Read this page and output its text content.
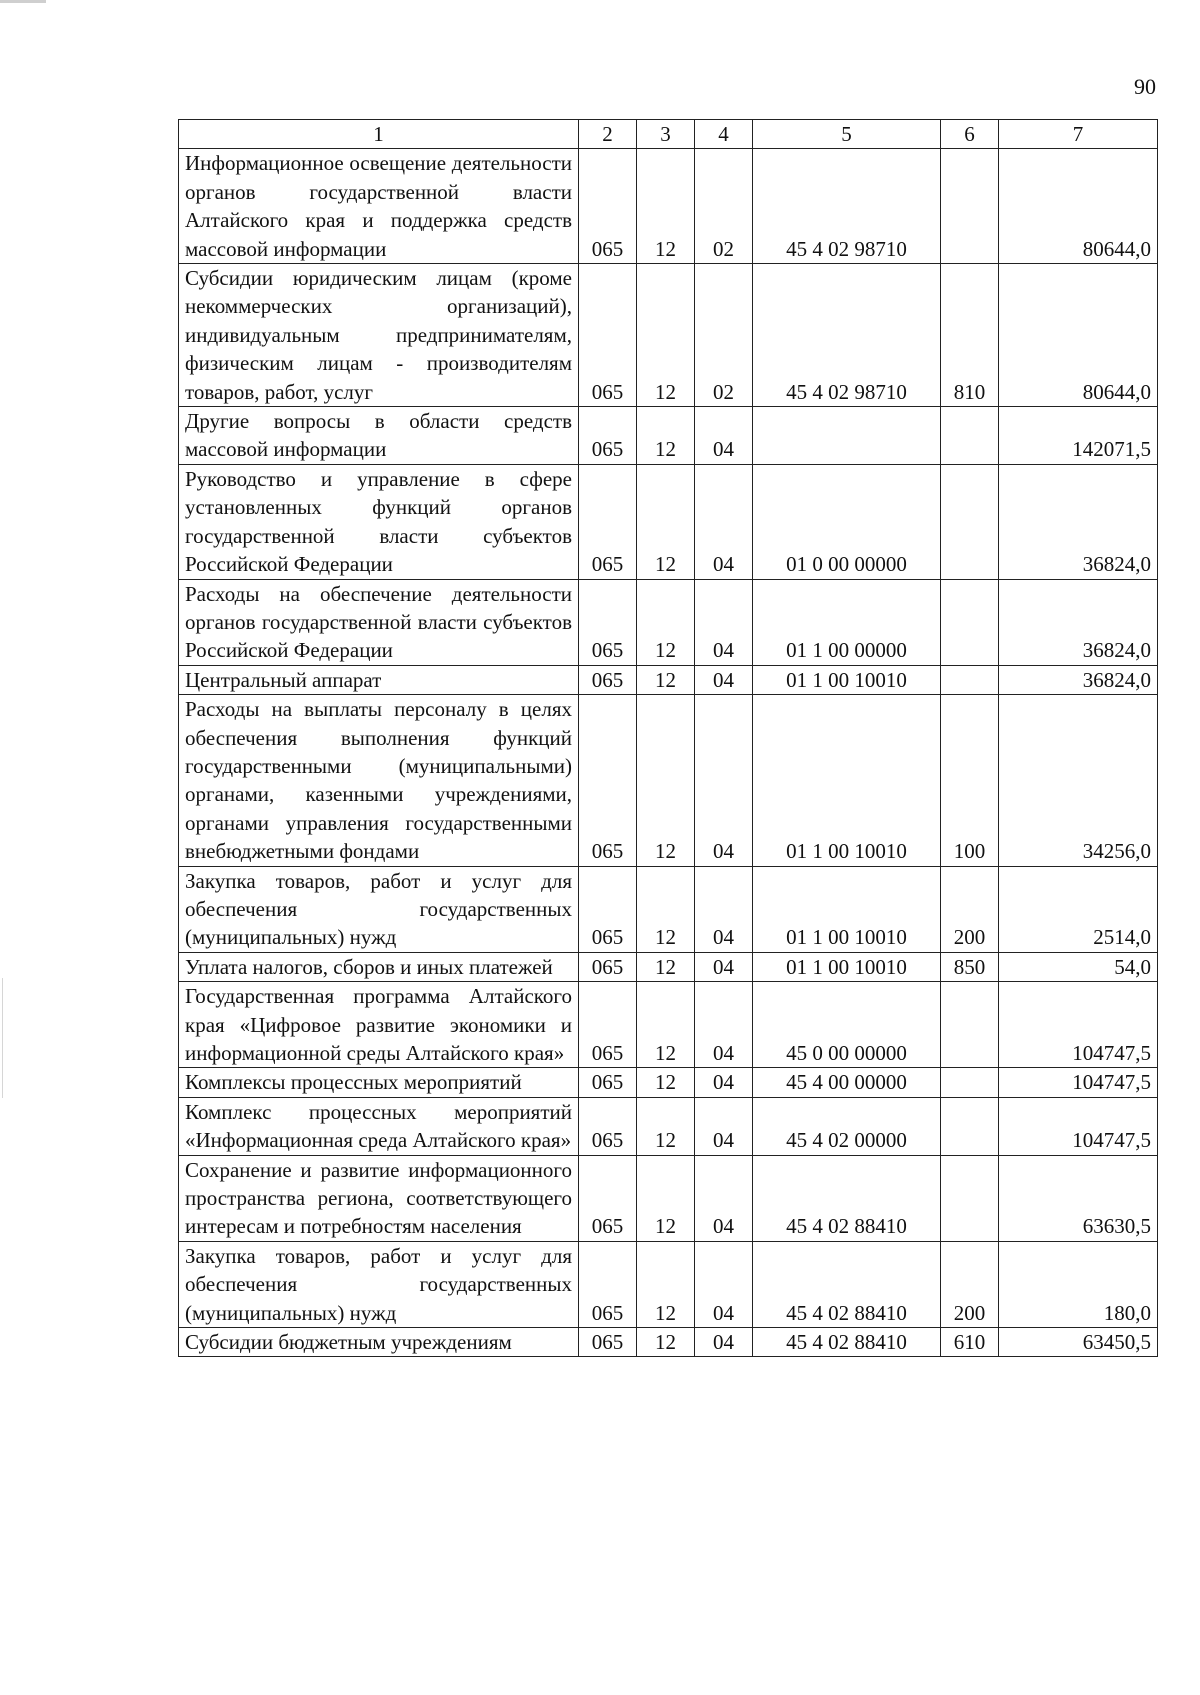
90
1	2	3	4	5	6	7
Информационное освещение деятельности органов государственной власти Алтайского края и поддержка средств массовой информации	065	12	02	45 4 02 98710		80644,0
Субсидии юридическим лицам (кроме некоммерческих организаций), индивидуальным предпринимателям, физическим лицам - производителям товаров, работ, услуг	065	12	02	45 4 02 98710	810	80644,0
Другие вопросы в области средств массовой информации	065	12	04			142071,5
Руководство и управление в сфере установленных функций органов государственной власти субъектов Российской Федерации	065	12	04	01 0 00 00000		36824,0
Расходы на обеспечение деятельности органов государственной власти субъектов Российской Федерации	065	12	04	01 1 00 00000		36824,0
Центральный аппарат	065	12	04	01 1 00 10010		36824,0
Расходы на выплаты персоналу в целях обеспечения выполнения функций государственными (муниципальными) органами, казенными учреждениями, органами управления государственными внебюджетными фондами	065	12	04	01 1 00 10010	100	34256,0
Закупка товаров, работ и услуг для обеспечения государственных (муниципальных) нужд	065	12	04	01 1 00 10010	200	2514,0
Уплата налогов, сборов и иных платежей	065	12	04	01 1 00 10010	850	54,0
Государственная программа Алтайского края «Цифровое развитие экономики и информационной среды Алтайского края»	065	12	04	45 0 00 00000		104747,5
Комплексы процессных мероприятий	065	12	04	45 4 00 00000		104747,5
Комплекс процессных мероприятий «Информационная среда Алтайского края»	065	12	04	45 4 02 00000		104747,5
Сохранение и развитие информационного пространства региона, соответствующего интересам и потребностям населения	065	12	04	45 4 02 88410		63630,5
Закупка товаров, работ и услуг для обеспечения государственных (муниципальных) нужд	065	12	04	45 4 02 88410	200	180,0
Субсидии бюджетным учреждениям	065	12	04	45 4 02 88410	610	63450,5
